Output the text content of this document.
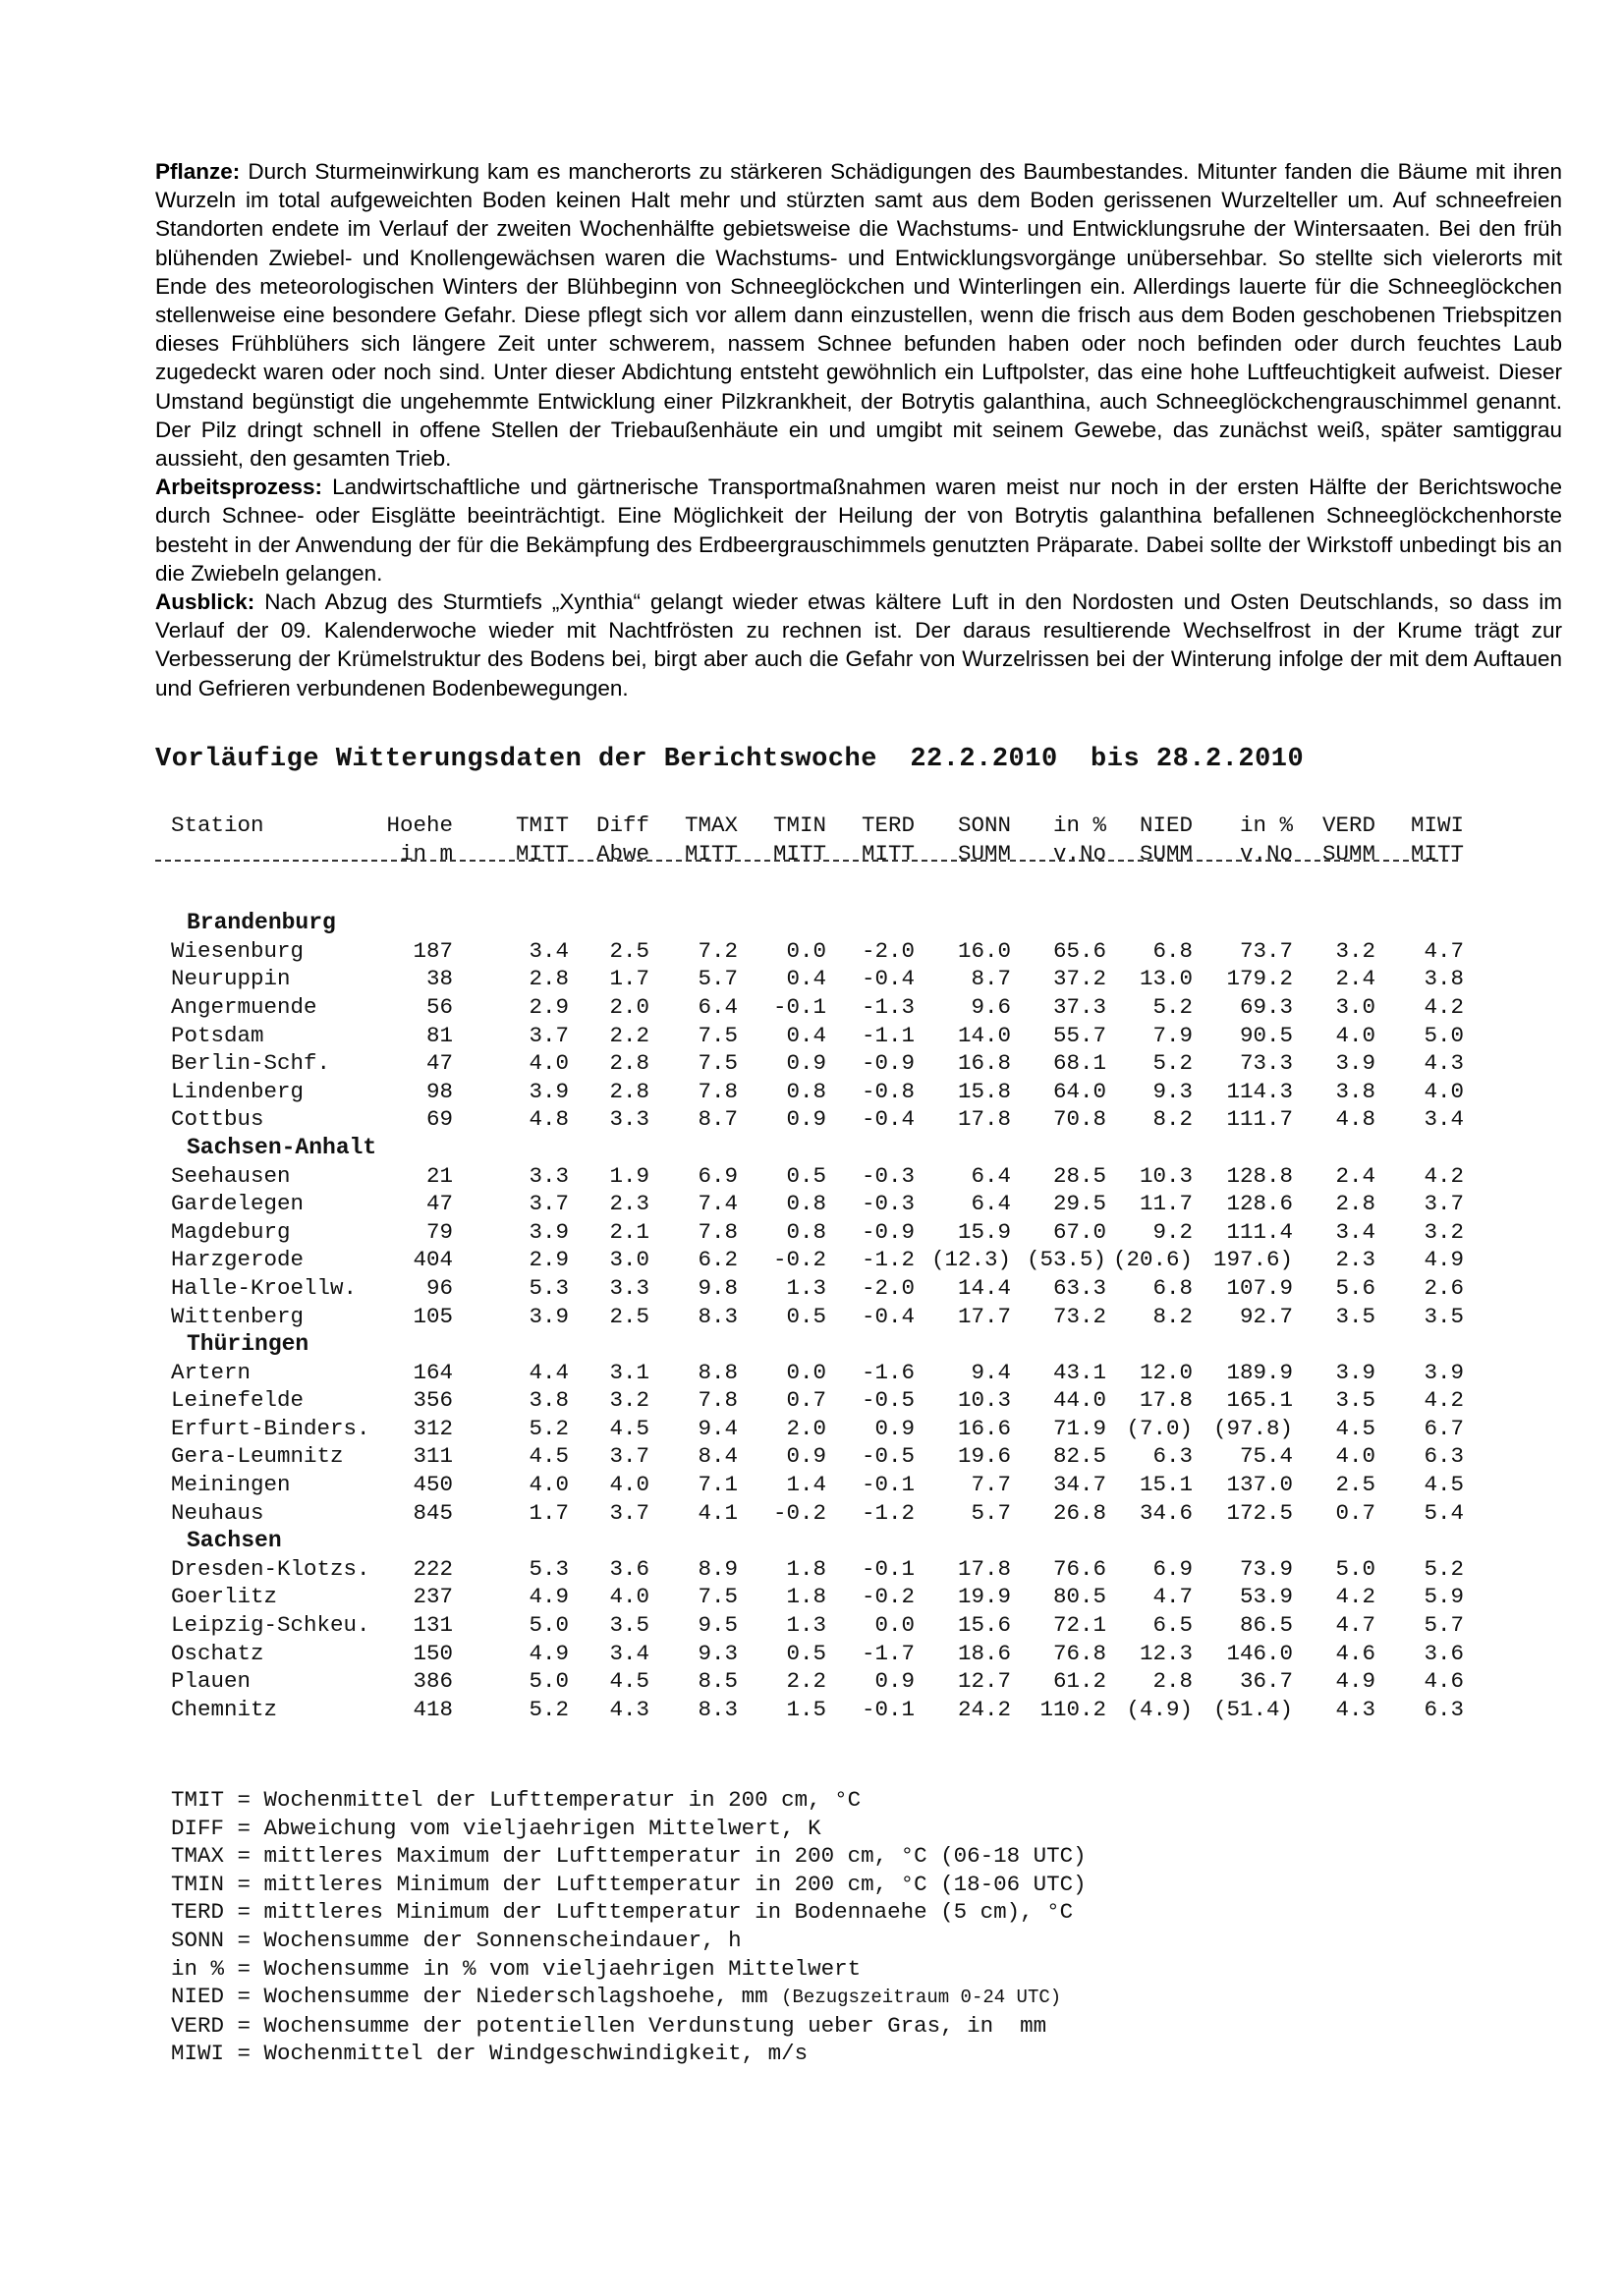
Pflanze: Durch Sturmeinwirkung kam es mancherorts zu stärkeren Schädigungen des Baumbestandes. Mitunter fanden die Bäume mit ihren Wurzeln im total aufgeweichten Boden keinen Halt mehr und stürzten samt aus dem Boden gerissenen Wurzelteller um. Auf schneefreien Standorten endete im Verlauf der zweiten Wochenhälfte gebietsweise die Wachstums- und Entwicklungsruhe der Wintersaaten. Bei den früh blühenden Zwiebel- und Knollengewächsen waren die Wachstums- und Entwicklungsvorgänge unübersehbar. So stellte sich vielerorts mit Ende des meteorologischen Winters der Blühbeginn von Schneeglöckchen und Winterlingen ein. Allerdings lauerte für die Schneeglöckchen stellenweise eine besondere Gefahr. Diese pflegt sich vor allem dann einzustellen, wenn die frisch aus dem Boden geschobenen Triebspitzen dieses Frühblühers sich längere Zeit unter schwerem, nassem Schnee befunden haben oder noch befinden oder durch feuchtes Laub zugedeckt waren oder noch sind. Unter dieser Abdichtung entsteht gewöhnlich ein Luftpolster, das eine hohe Luftfeuchtigkeit aufweist. Dieser Umstand begünstigt die ungehemmte Entwicklung einer Pilzkrankheit, der Botrytis galanthina, auch Schneeglöckchengrauschimmel genannt. Der Pilz dringt schnell in offene Stellen der Triebaußenhäute ein und umgibt mit seinem Gewebe, das zunächst weiß, später samtiggrau aussieht, den gesamten Trieb.

Arbeitsprozess: Landwirtschaftliche und gärtnerische Transportmaßnahmen waren meist nur noch in der ersten Hälfte der Berichtswoche durch Schnee- oder Eisglätte beeinträchtigt. Eine Möglichkeit der Heilung der von Botrytis galanthina befallenen Schneeglöckchenhorste besteht in der Anwendung der für die Bekämpfung des Erdbeergrauschimmels genutzten Präparate. Dabei sollte der Wirkstoff unbedingt bis an die Zwiebeln gelangen.

Ausblick: Nach Abzug des Sturmtiefs „Xynthia“ gelangt wieder etwas kältere Luft in den Nordosten und Osten Deutschlands, so dass im Verlauf der 09. Kalenderwoche wieder mit Nachtfrösten zu rechnen ist. Der daraus resultierende Wechselfrost in der Krume trägt zur Verbesserung der Krümelstruktur des Bodens bei, birgt aber auch die Gefahr von Wurzelrissen bei der Winterung infolge der mit dem Auftauen und Gefrieren verbundenen Bodenbewegungen.

Vorläufige Witterungsdaten der Berichtswoche  22.2.2010  bis 28.2.2010
Station	Hoehe	TMIT Diff TMAX TMIN TERD SONN in % NIED in % VERD MIWI
in m	MITT Abwe MITT MITT MITT SUMM v.No SUMM v.No SUMM MITT
Brandenburg
Wiesenburg	187	3.4 2.5 7.2 0.0 -2.0 16.0 65.6 6.8 73.7 3.2 4.7
Neuruppin	38	2.8 1.7 5.7 0.4 -0.4	8.7 37.2 13.0 179.2 2.4 3.8
Angermuende	56	2.9 2.0 6.4 -0.1 -1.3	9.6 37.3 5.2 69.3 3.0 4.2
Potsdam	81	3.7 2.2 7.5 0.4 -1.1 14.0 55.7 7.9 90.5 4.0 5.0
Berlin-Schf.	47	4.0 2.8 7.5 0.9 -0.9 16.8 68.1 5.2 73.3 3.9 4.3
Lindenberg	98	3.9 2.8 7.8 0.8 -0.8 15.8 64.0 9.3 114.3 3.8 4.0
Cottbus	69	4.8 3.3 8.7 0.9 -0.4 17.8 70.8 8.2 111.7 4.8 3.4
Sachsen-Anhalt
Seehausen	21	3.3 1.9 6.9 0.5 -0.3	6.4 28.5 10.3 128.8 2.4 4.2
Gardelegen	47	3.7 2.3 7.4 0.8 -0.3	6.4 29.5 11.7 128.6 2.8 3.7
Magdeburg	79	3.9 2.1 7.8 0.8 -0.9 15.9 67.0 9.2 111.4 3.4 3.2
Harzgerode	404	2.9 3.0 6.2 -0.2 -1.2 (12.3) (53.5) (20.6) 197.6) 2.3 4.9
Halle-Kroellw.	96	5.3 3.3 9.8 1.3 -2.0 14.4 63.3 6.8 107.9 5.6 2.6
Wittenberg	105	3.9 2.5 8.3 0.5 -0.4 17.7 73.2 8.2 92.7 3.5 3.5
Thüringen
Artern	164	4.4 3.1 8.8 0.0 -1.6	9.4 43.1 12.0 189.9 3.9 3.9
Leinefelde	356	3.8 3.2 7.8 0.7 -0.5 10.3 44.0 17.8 165.1 3.5 4.2
Erfurt-Binders. 312	5.2 4.5 9.4 2.0 0.9 16.6 71.9 (7.0) (97.8) 4.5 6.7
Gera-Leumnitz	311	4.5 3.7 8.4 0.9 -0.5 19.6 82.5 6.3 75.4 4.0 6.3
Meiningen	450	4.0 4.0 7.1 1.4 -0.1	7.7 34.7 15.1 137.0 2.5 4.5
Neuhaus	845	1.7 3.7 4.1 -0.2 -1.2	5.7 26.8 34.6 172.5 0.7 5.4
Sachsen
Dresden-Klotzs. 222	5.3 3.6 8.9 1.8 -0.1 17.8 76.6 6.9 73.9 5.0 5.2
Goerlitz	237	4.9 4.0 7.5 1.8 -0.2 19.9 80.5 4.7 53.9 4.2 5.9
Leipzig-Schkeu. 131	5.0 3.5 9.5 1.3 0.0 15.6 72.1 6.5 86.5 4.7 5.7
Oschatz	150	4.9 3.4 9.3 0.5 -1.7 18.6 76.8 12.3 146.0 4.6 3.6
Plauen	386	5.0 4.5 8.5 2.2 0.9 12.7 61.2 2.8 36.7 4.9 4.6
Chemnitz	418	5.2 4.3 8.3 1.5 -0.1 24.2 110.2 (4.9) (51.4) 4.3 6.3
TMIT = Wochenmittel der Lufttemperatur in 200 cm, °C
DIFF = Abweichung vom vieljaehrigen Mittelwert, K
TMAX = mittleres Maximum der Lufttemperatur in 200 cm, °C (06-18 UTC)
TMIN = mittleres Minimum der Lufttemperatur in 200 cm, °C (18-06 UTC)
TERD = mittleres Minimum der Lufttemperatur in Bodennaehe (5 cm), °C
SONN = Wochensumme der Sonnenscheindauer, h
in % = Wochensumme in % vom vieljaehrigen Mittelwert
NIED = Wochensumme der Niederschlagshoehe, mm (Bezugszeitraum 0-24 UTC)
VERD = Wochensumme der potentiellen Verdunstung ueber Gras, in  mm
MIWI = Wochenmittel der Windgeschwindigkeit, m/s
